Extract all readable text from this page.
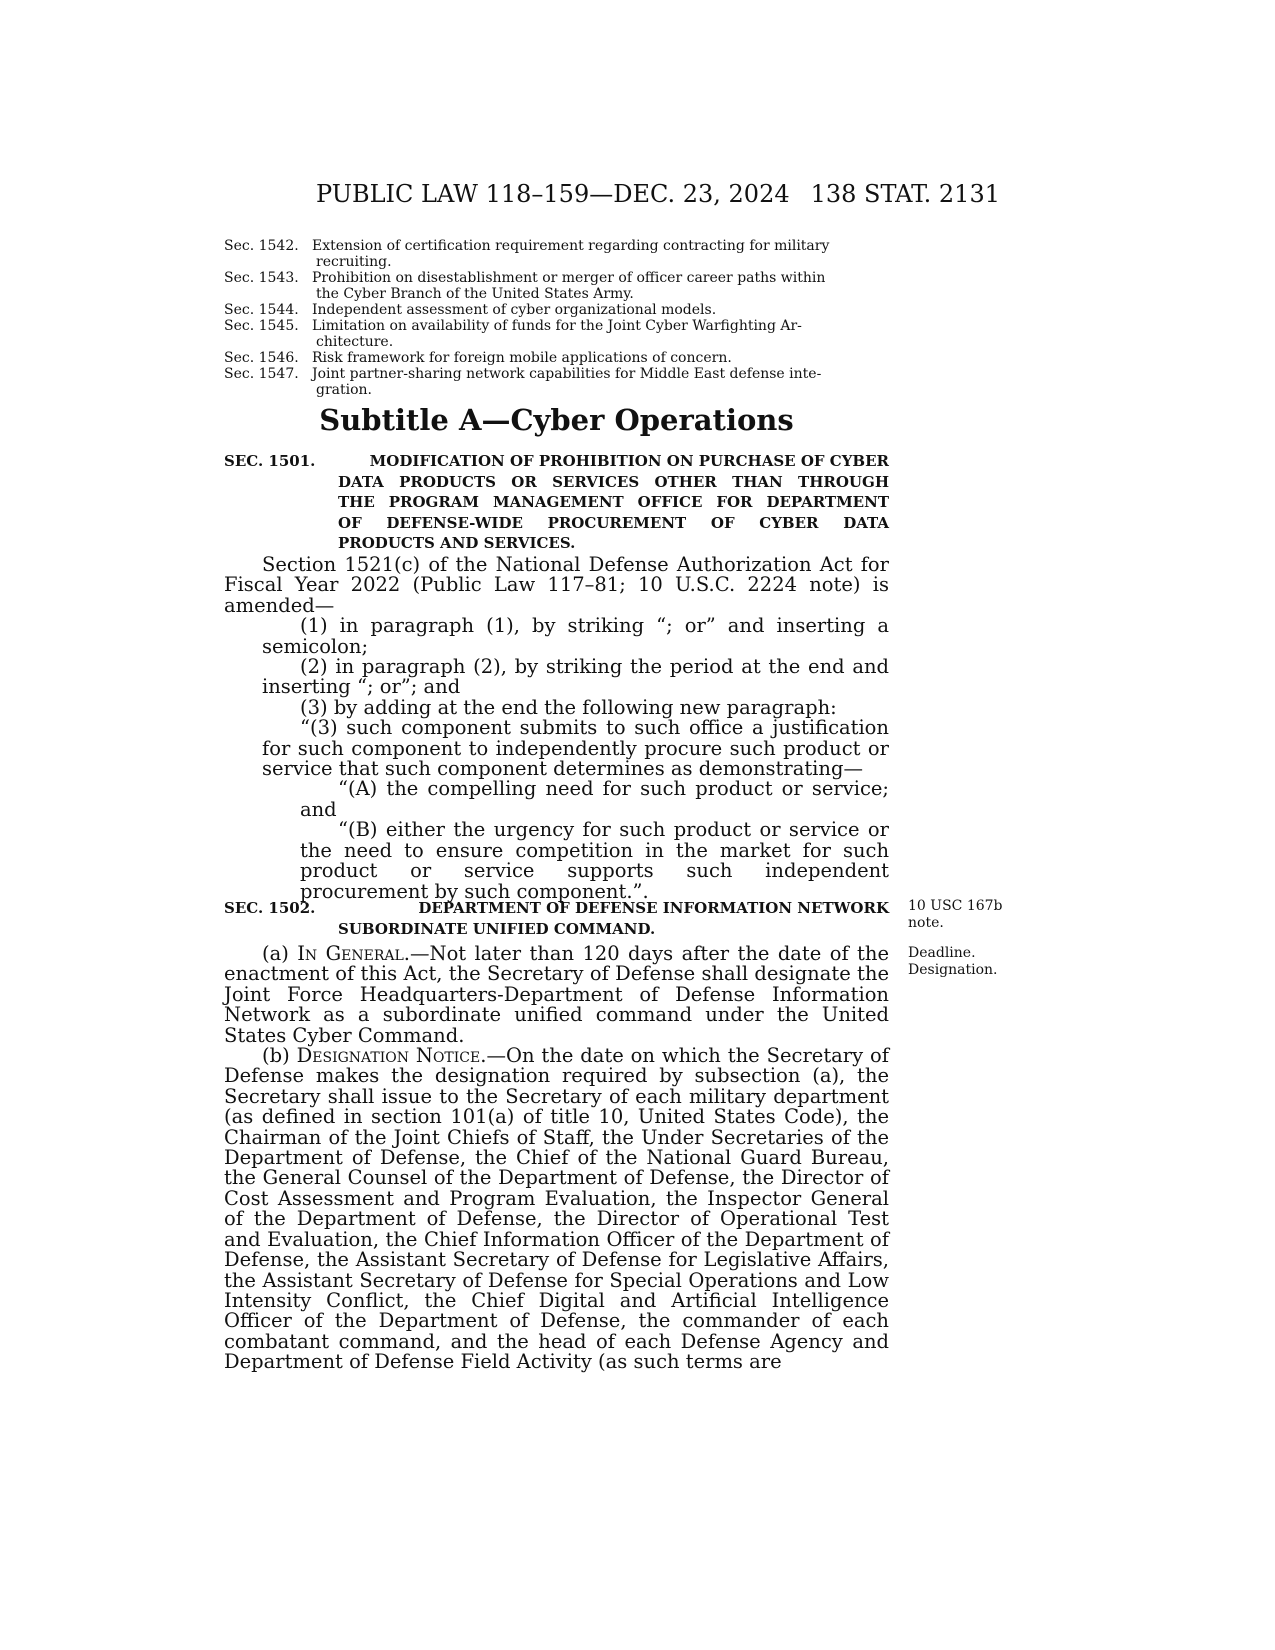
PUBLIC LAW 118–159—DEC. 23, 2024 138 STAT. 2131
Sec. 1542. Extension of certification requirement regarding contracting for military
recruiting.
Sec. 1543. Prohibition on disestablishment or merger of officer career paths within
the Cyber Branch of the United States Army.
Sec. 1544. Independent assessment of cyber organizational models.
Sec. 1545. Limitation on availability of funds for the Joint Cyber Warfighting Ar-
chitecture.
Sec. 1546. Risk framework for foreign mobile applications of concern.
Sec. 1547. Joint partner-sharing network capabilities for Middle East defense inte-
gration.
Subtitle A—Cyber Operations
SEC. 1501.	MODIFICATION OF PROHIBITION ON PURCHASE OF CYBER
DATA PRODUCTS OR SERVICES OTHER THAN THROUGH
THE PROGRAM MANAGEMENT OFFICE FOR DEPARTMENT
OF DEFENSE-WIDE PROCUREMENT OF CYBER DATA
PRODUCTS AND SERVICES.
Section 1521(c) of the National Defense Authorization Act for Fiscal Year 2022 (Public Law 117–81; 10 U.S.C. 2224 note) is amended—
(1) in paragraph (1), by striking “; or” and inserting a semicolon;
(2) in paragraph (2), by striking the period at the end and inserting “; or”; and
(3) by adding at the end the following new paragraph:
“(3) such component submits to such office a justification for such component to independently procure such product or service that such component determines as demonstrating—
“(A) the compelling need for such product or service; and
“(B) either the urgency for such product or service or the need to ensure competition in the market for such product or service supports such independent procurement by such component.”.
SEC. 1502.	DEPARTMENT OF DEFENSE INFORMATION NETWORK
SUBORDINATE UNIFIED COMMAND.
(a) In General.—Not later than 120 days after the date of the enactment of this Act, the Secretary of Defense shall designate the Joint Force Headquarters-Department of Defense Information Network as a subordinate unified command under the United States Cyber Command.
(b) Designation Notice.—On the date on which the Secretary of Defense makes the designation required by subsection (a), the Secretary shall issue to the Secretary of each military department (as defined in section 101(a) of title 10, United States Code), the Chairman of the Joint Chiefs of Staff, the Under Secretaries of the Department of Defense, the Chief of the National Guard Bureau, the General Counsel of the Department of Defense, the Director of Cost Assessment and Program Evaluation, the Inspector General of the Department of Defense, the Director of Operational Test and Evaluation, the Chief Information Officer of the Department of Defense, the Assistant Secretary of Defense for Legislative Affairs, the Assistant Secretary of Defense for Special Operations and Low Intensity Conflict, the Chief Digital and Artificial Intelligence Officer of the Department of Defense, the commander of each combatant command, and the head of each Defense Agency and Department of Defense Field Activity (as such terms are
10 USC 167b
note.
Deadline.
Designation.
